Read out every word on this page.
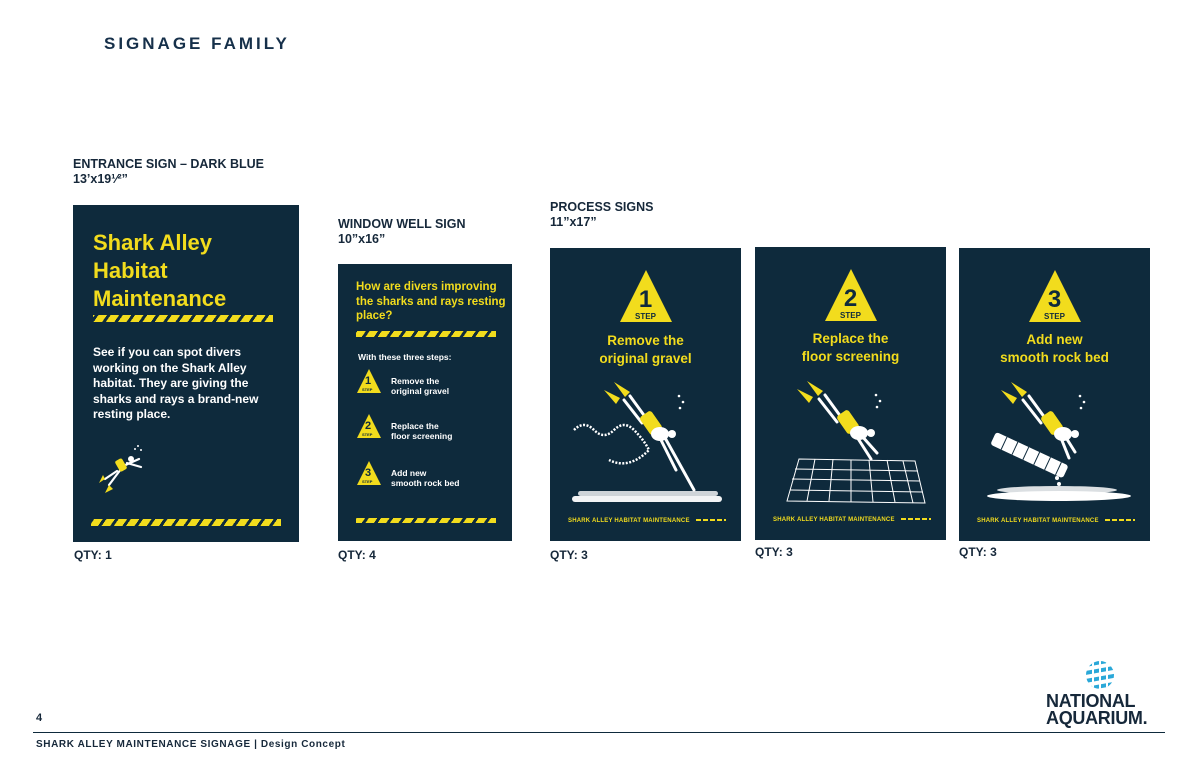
SIGNAGE FAMILY
ENTRANCE SIGN – DARK BLUE
13’x19¹⁄²”
Shark Alley
Habitat
Maintenance
See if you can spot divers working on the Shark Alley habitat. They are giving the sharks and rays a brand-new resting place.
QTY: 1
WINDOW WELL SIGN
10”x16”
How are divers improving the sharks and rays resting place?
With these three steps:
1
STEP
Remove the
original gravel
2
STEP
Replace the
floor screening
3
STEP
Add new
smooth rock bed
QTY: 4
PROCESS SIGNS
11”x17”
1
STEP
Remove the
original gravel
SHARK ALLEY HABITAT MAINTENANCE
QTY: 3
2
STEP
Replace the
floor screening
SHARK ALLEY HABITAT MAINTENANCE
QTY: 3
3
STEP
Add new
smooth rock bed
SHARK ALLEY HABITAT MAINTENANCE
QTY: 3
NATIONAL
AQUARIUM.
4
SHARK ALLEY MAINTENANCE SIGNAGE | Design Concept
